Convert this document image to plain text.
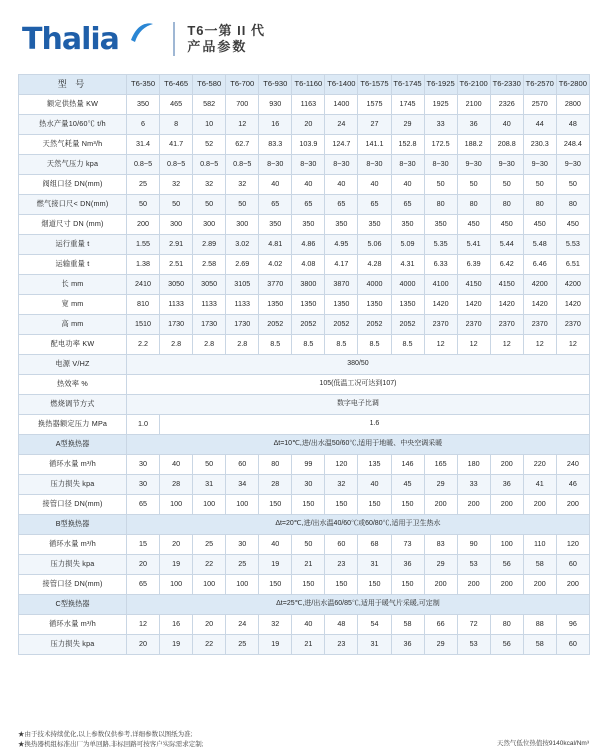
Thalia	T6一第 II 代
产品参数
型 号	T6-350	T6-465	T6-580	T6-700	T6-930	T6-1160	T6-1400	T6-1575	T6-1745	T6-1925	T6-2100	T6-2330	T6-2570	T6-2800
额定供热量 KW	350	465	582	700	930	1163	1400	1575	1745	1925	2100	2326	2570	2800
热水产量10/60℃ t/h	6	8	10	12	16	20	24	27	29	33	36	40	44	48
天然气耗量 Nm³/h	31.4	41.7	52	62.7	83.3	103.9	124.7	141.1	152.8	172.5	188.2	208.8	230.3	248.4
天然气压力 kpa	0.8~5	0.8~5	0.8~5	0.8~5	8~30	8~30	8~30	8~30	8~30	8~30	9~30	9~30	9~30	9~30
阀组口径 DN(mm)	25	32	32	32	40	40	40	40	40	50	50	50	50	50
燃气接口尺< DN(mm)	50	50	50	50	65	65	65	65	65	80	80	80	80	80
烟道尺寸 DN (mm)	200	300	300	300	350	350	350	350	350	350	450	450	450	450
运行重量 t	1.55	2.91	2.89	3.02	4.81	4.86	4.95	5.06	5.09	5.35	5.41	5.44	5.48	5.53
运输重量 t	1.38	2.51	2.58	2.69	4.02	4.08	4.17	4.28	4.31	6.33	6.39	6.42	6.46	6.51
长 mm	2410	3050	3050	3105	3770	3800	3870	4000	4000	4100	4150	4150	4200	4200
宽 mm	810	1133	1133	1133	1350	1350	1350	1350	1350	1420	1420	1420	1420	1420
高 mm	1510	1730	1730	1730	2052	2052	2052	2052	2052	2370	2370	2370	2370	2370
配电功率 KW	2.2	2.8	2.8	2.8	8.5	8.5	8.5	8.5	8.5	12	12	12	12	12
电源 V/HZ	380/50													
热效率 %	105(低温工况可达到107)													
燃烧调节方式	数字电子比调													
换热器额定压力 MPa	1.0	1.6												
A型换热器	Δt=10℃,进/出水温50/60℃,适用于地暖、中央空调采暖													
循环水量 m³/h	30	40	50	60	80	99	120	135	146	165	180	200	220	240
压力损失 kpa	30	28	31	34	28	30	32	40	45	29	33	36	41	46
接管口径 DN(mm)	65	100	100	100	150	150	150	150	150	200	200	200	200	200
B型换热器	Δt=20℃,进/出水温40/60℃或60/80℃,适用于卫生热水													
循环水量 m³/h	15	20	25	30	40	50	60	68	73	83	90	100	110	120
压力损失 kpa	20	19	22	25	19	21	23	31	36	29	53	56	58	60
接管口径 DN(mm)	65	100	100	100	150	150	150	150	150	200	200	200	200	200
C型换热器	Δt=25℃,进/出水温60/85℃,适用于暖气片采暖,可定制													
循环水量 m³/h	12	16	20	24	32	40	48	54	58	66	72	80	88	96
压力损失 kpa	20	19	22	25	19	21	23	31	36	29	53	56	58	60
★由于技术持续优化,以上参数仅供参考,详细参数以图纸为准;
★换热器机组标准出厂为单回路,非标回路可按客户实际需求定制;	天然气低位热值按9140kcal/Nm³
